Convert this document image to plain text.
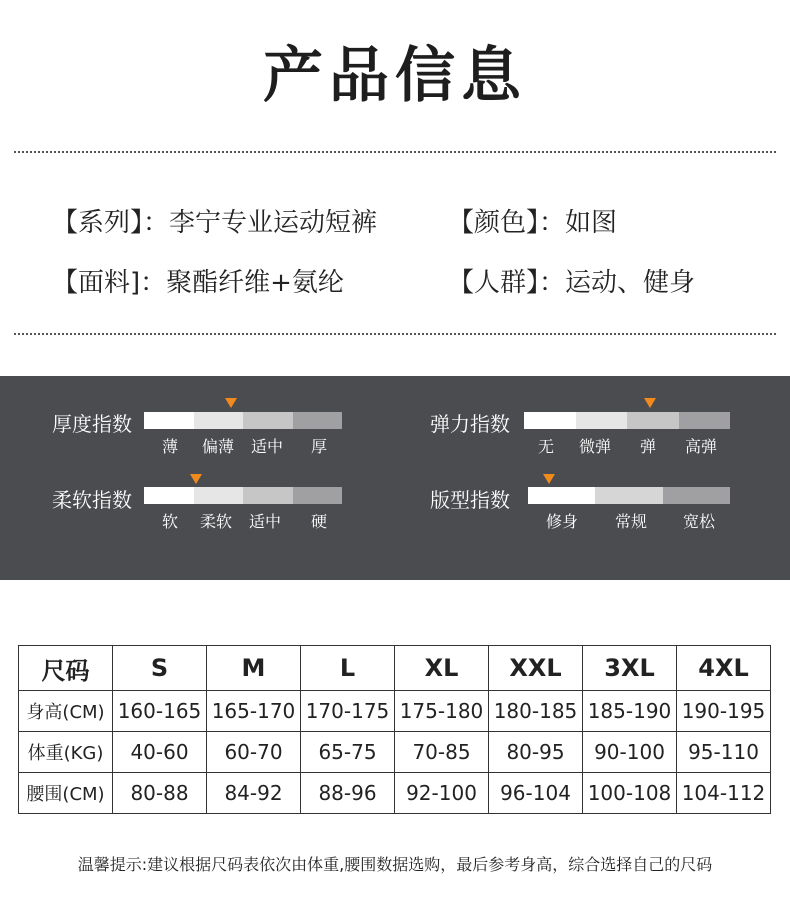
产品信息
【系列】：李宁专业运动短裤	【颜色】：如图
【面料]：聚酯纤维+氨纶	【人群】：运动、健身
厚度指数
薄 偏薄 适中 厚
弹力指数
无 微弹 弹 高弹
柔软指数
软 柔软 适中 硬
版型指数
修身 常规 宽松
尺码	S	M	L	XL	XXL	3XL	4XL
身高(CM)	160-165	165-170	170-175	175-180	180-185	185-190	190-195
体重(KG)	40-60	60-70	65-75	70-85	80-95	90-100	95-110
腰围(CM)	80-88	84-92	88-96	92-100	96-104	100-108	104-112
温馨提示:建议根据尺码表依次由体重,腰围数据选购，最后参考身高，综合选择自己的尺码
